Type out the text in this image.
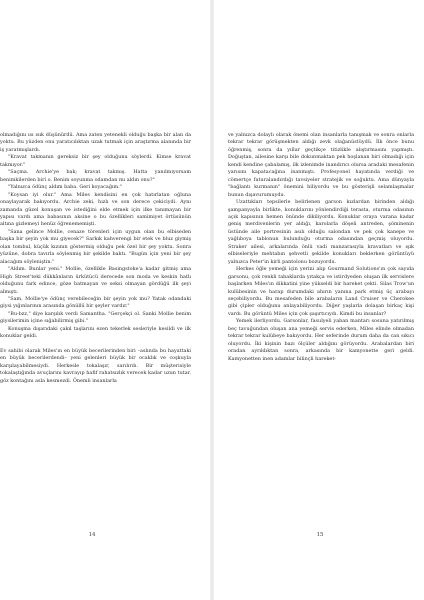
olmadığını ısı ısık düşünürdü. Ama zaten yetenekli olduğu başka bir alan da yoktu. Bu yüzden onu yaratıcılıktan uzak tutmak için araştırma alanında bir iş yaratmışlardı.

"Kravat takmanın gereksiz bir şey olduğunu söylerdi. Kimse kravat takmıyor."

"Saçma. Archie'ye bak; kravat takmış. Hatta yanılmıyorsam benimkilerden biri o. Benim soyunma odamdan mı aldın onu?"

"Yalnızca ödünç aldım baba. Geri koyacağım."

"Koysan iyi olur." Ama Miles kendisini en çok hatırlatan oğluna onaylayarak bakıyordu. Archie zeki, hızlı ve son derece çekiciydi. Aynı zamanda güzel konuşan ve istediğini elde etmek için ilke tanımayan bir yapısı vardı ama babasının aksine o bu özellikleri samimiyet örtüsünün altına gizlemeyi henüz öğrenememişti.

"Sana gelince Mollie, cenaze törenleri için uygun olan bu elbiseden başka bir şeyin yok mu giyecek?" Sarkık kahverengi bir etek ve bluz giymiş olan tombul, küçük kızının göstermiş olduğu pek özel bir şey yoktu. Sonra yüzüne, dobra tavırla söylenmiş bir şekilde baktı. "Bugün için yeni bir şey alacağım söyleniştin."

"Aldım. Bunlar yeni." Mollie, özellikle Basingstoke'a kadar gitmiş ama High Street'teki dükkânların ürkütücü derecede son moda ve keskin hatlı olduğunu fark edince, göze batmayan ve seksi olmayan gördüğü ilk şeyi almıştı.

"Sam, Mollie'ye ödünç verebileceğin bir şeyin yok mu? Yatak odandaki giysi yığınlarının arasında gönüllü bir şeyler vardır."

"Bu-bzz," diye karşılık verdi Samantha. "Gerçekçi ol. Sanki Mollie benim giysilerimin içine sığabilirmiş gibi."

Konuşma dışarıdaki çakıl taşlarını ezen tekerlek sesleriyle kesildi ve ilk konuklar geldi.

Ev sahibi olarak Miles'ın en büyük becerilerinden biri –aslında bu hayattaki en büyük becerilerdendi– yeni gelenleri büyük bir ocaklık ve coşkuyla karşılayabilmesiydi. Herkesle tokalaşır, sarılırdı. Bir müşterisiyle tokalaştığında avuçlarını kavrayıp hafif rahatsızlık verecek kadar uzun tutar, göz kontağını asla kesmezdi. Önemli insanlarla

14

ve yalnızca dolaylı olarak önemi olan insanlarla tanışmak ve sonra onlarla tekrar tekrar görüşmekten aldığı zevk olağanüstüydü. İlk önce bunu öğrenmiş, sonra da yıllar geçtikçe titizlikle alıştırmasını yapmıştı. Doğuştan, ailesine karşı bile dokunmaktan pek hoşlanan biri olmadığı için kendi kendine çabalamış, ilk izlenimde inandırıcı olursa aradaki mesafenin yarısını kapatacağına inanmıştı. Profesyonel hayatında verdiği ve cömertçe faturalandırdığı tavsiyeler stratejik ve soğuktu. Ama dünyayla "bağlantı kurmanın" önemini biliyordu ve bu gösterişli selamlaşmalar bunun dışavurumuydu.

Uzattıkları tepsilerle belirlenen garson kızlardan birinden aldığı şampanyayla birlikte, konuklarını yönlendirdiği terasta, oturma odasının açık kapısının hemen önünde dikiliyordu. Konuklar oraya varana kadar geniş merdivenlerin yer aldığı, karolarla döşeli antreden, şöminenin üstünde aile portresinin asılı olduğu salondan ve pek çok kanepe ve yağlıboya tablonun bulunduğu oturma odasından geçmiş oluyordu. Straker ailesi, arkalarında önlü vadi manzarasıyla kravatları ve ışık elbiseleriyle mehtabın şehvetli şekilde konukları beklerken görüntüyü yalnızca Peter'in kirli pantolonu bozuyordu.

Herkes öğle yemeği için yerini alıp Gourmand Solutions'ın çok sayıda garsonu, çok renkli tabaklarda yıtakça ve istirdyeden oluşan ilk servislere başlarken Miles'ın dikkatini yine yükseldi bir hareket çekti. Silas Trow'un kulübesinin ve harap durumdaki ahırın yanına park etmiş üç arabayı seçebiliyordu. Bu mesafeden bile arabaların Land Cruiser ve Cherokee gibi çipler olduğunu anlayabiliyordu. Diğer yaşlarla dolaşan birkaç kişi vardı. Bu görüntü Miles için çok şaşırtıcıydı. Kimdi bu insanlar?

Yemek ilerliyordu. Garsonlar, fasulyeli yaban mantarı sosuna yatırılmış beç tavuğundan oluşan ana yemeği servis ederken, Miles elinde olmadan tekrar tekrar kulübeye bakıyordu. Her seferinde durum daha da can sıkıcı oluyordu. İki kişinin bazı ölçüler aldığını görüyordu. Arabalardan biri oradan ayrıldıktan sonra, arkasında bir kamyonette geri geldi. Kamyonetten inen adamlar bilinçli hareket-

15
